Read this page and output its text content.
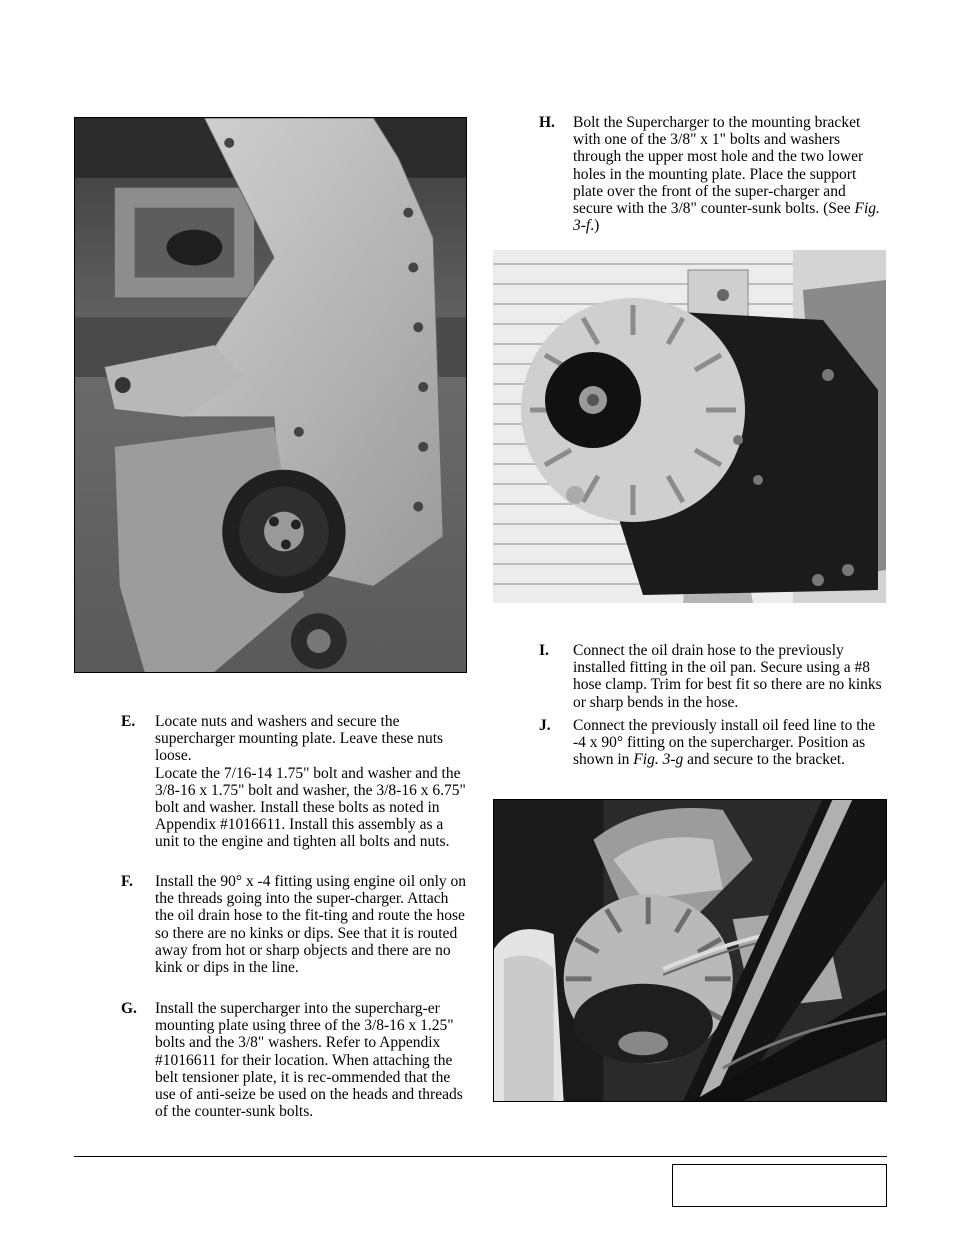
H. Bolt the Supercharger to the mounting bracket with one of the 3/8" x 1" bolts and washers through the upper most hole and the two lower holes in the mounting plate. Place the support plate over the front of the super-charger and secure with the 3/8" counter-sunk bolts. (See Fig. 3-f.)
I. Connect the oil drain hose to the previously installed fitting in the oil pan. Secure using a #8 hose clamp. Trim for best fit so there are no kinks or sharp bends in the hose.
J. Connect the previously install oil feed line to the -4 x 90° fitting on the supercharger. Position as shown in Fig. 3-g and secure to the bracket.
E. Locate nuts and washers and secure the supercharger mounting plate. Leave these nuts loose.

Locate the 7/16-14 1.75" bolt and washer and the 3/8-16 x 1.75" bolt and washer, the 3/8-16 x 6.75" bolt and washer. Install these bolts as noted in Appendix #1016611. Install this assembly as a unit to the engine and tighten all bolts and nuts.

F. Install the 90° x -4 fitting using engine oil only on the threads going into the super-charger. Attach the oil drain hose to the fit-ting and route the hose so there are no kinks or dips. See that it is routed away from hot or sharp objects and there are no kink or dips in the line.
G. Install the supercharger into the supercharg-er mounting plate using three of the 3/8-16 x 1.25" bolts and the 3/8" washers. Refer to Appendix #1016611 for their location. When attaching the belt tensioner plate, it is rec-ommended that the use of anti-seize be used on the heads and threads of the counter-sunk bolts.
